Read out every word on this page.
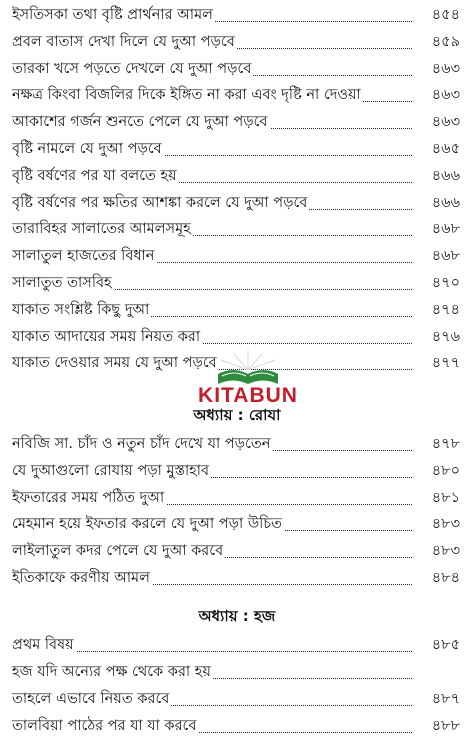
ইসতিসকা তথা বৃষ্টি প্রার্থনার আমল	৪৫৪
প্রবল বাতাস দেখা দিলে যে দুআ পড়বে	৪৫৯
তারকা খসে পড়তে দেখলে যে দুআ পড়বে	৪৬৩
নক্ষত্র কিংবা বিজলির দিকে ইঙ্গিত না করা এবং দৃষ্টি না দেওয়া	৪৬৩
আকাশের গর্জন শুনতে পেলে যে দুআ পড়বে	৪৬৩
বৃষ্টি নামলে যে দুআ পড়বে	৪৬৫
বৃষ্টি বর্ষণের পর যা বলতে হয়	৪৬৬
বৃষ্টি বর্ষণের পর ক্ষতির আশঙ্কা করলে যে দুআ পড়বে	৪৬৬
তারাবিহর সালাতের আমলসমূহ	৪৬৮
সালাতুল হাজতের বিধান	৪৬৮
সালাতুত তাসবিহ	৪৭০
যাকাত সংশ্লিষ্ট কিছু দুআ	৪৭৪
যাকাত আদায়ের সময় নিয়ত করা	৪৭৬
যাকাত দেওয়ার সময় যে দুআ পড়বে	৪৭৭
অধ্যায় : রোযা
নবিজি সা. চাঁদ ও নতুন চাঁদ দেখে যা পড়তেন	৪৭৮
যে দুআগুলো রোযায় পড়া মুস্তাহাব	৪৮০
ইফতারের সময় পঠিত দুআ	৪৮১
মেহমান হয়ে ইফতার করলে যে দুআ পড়া উচিত	৪৮৩
লাইলাতুল কদর পেলে যে দুআ করবে	৪৮৩
ইতিকাফে করণীয় আমল	৪৮৪
অধ্যায় : হজ
প্রথম বিষয়	৪৮৫
হজ যদি অন্যের পক্ষ থেকে করা হয়
তাহলে এভাবে নিয়ত করবে	৪৮৭
তালবিয়া পাঠের পর যা যা করবে	৪৮৮
KITABUN
